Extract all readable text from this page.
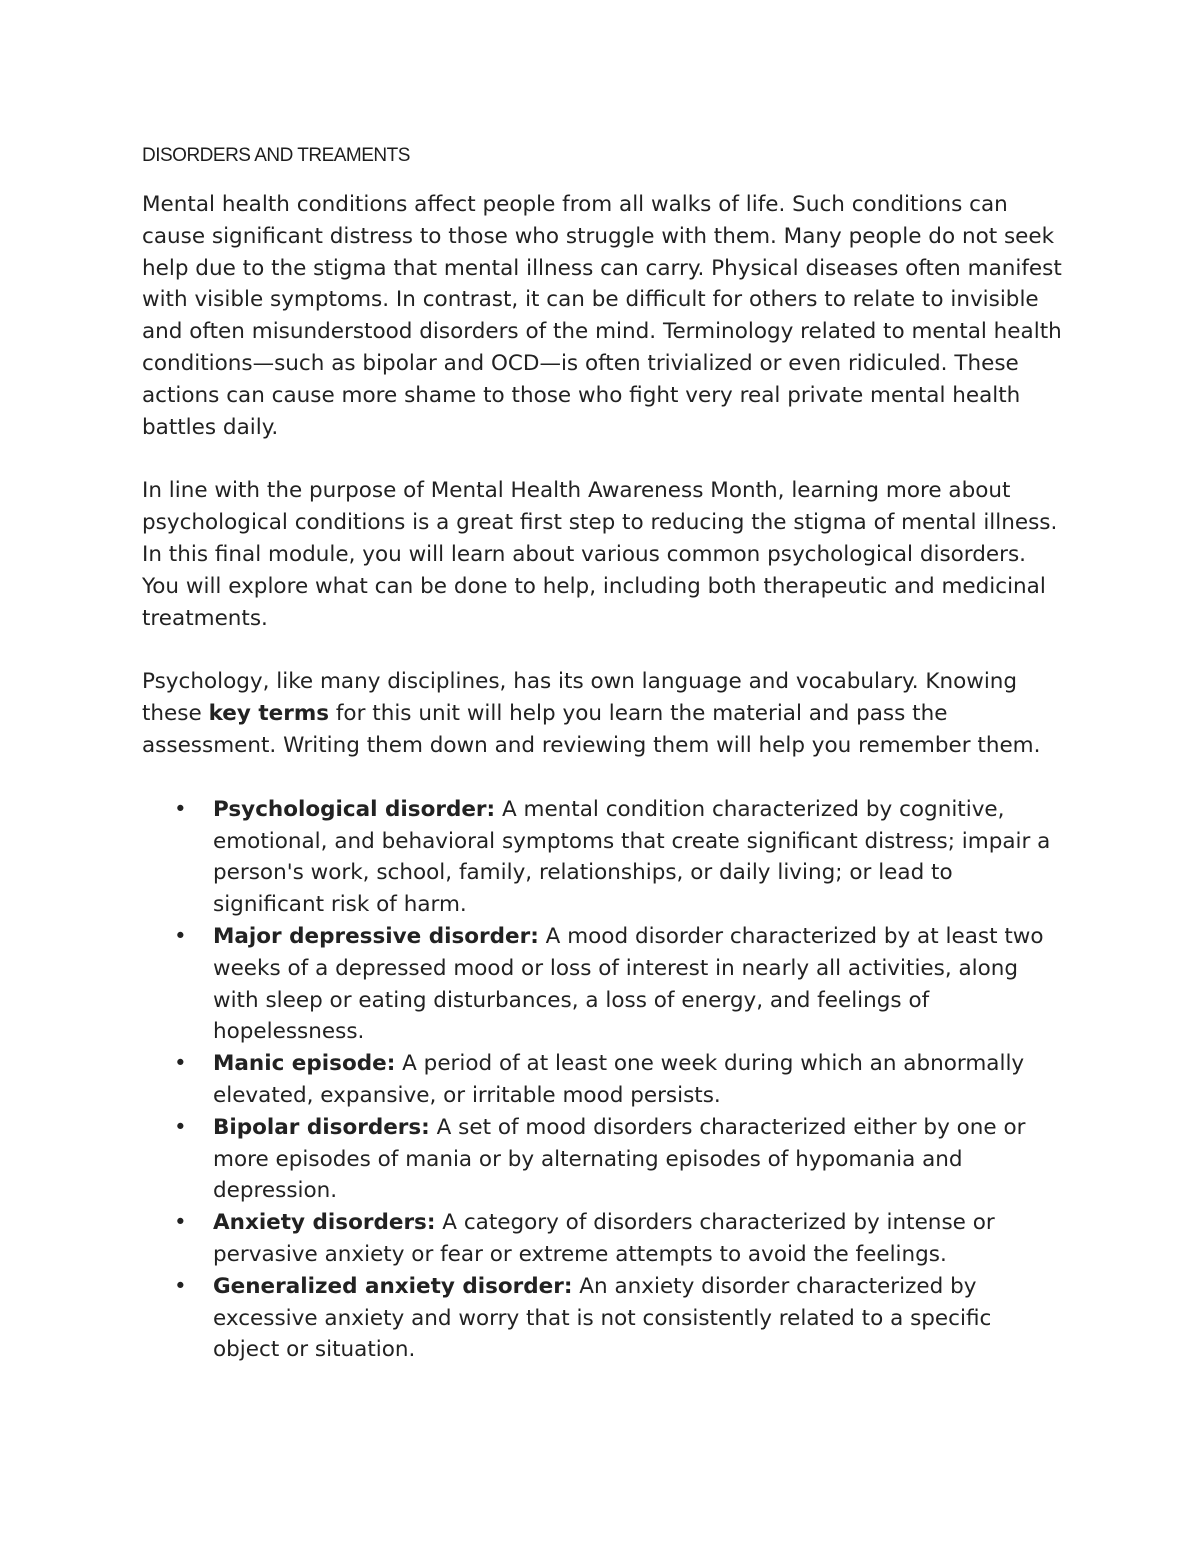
DISORDERS AND TREAMENTS

Mental health conditions affect people from all walks of life. Such conditions can cause significant distress to those who struggle with them. Many people do not seek help due to the stigma that mental illness can carry. Physical diseases often manifest with visible symptoms. In contrast, it can be difficult for others to relate to invisible and often misunderstood disorders of the mind. Terminology related to mental health conditions—such as bipolar and OCD—is often trivialized or even ridiculed. These actions can cause more shame to those who fight very real private mental health battles daily.

In line with the purpose of Mental Health Awareness Month, learning more about psychological conditions is a great first step to reducing the stigma of mental illness. In this final module, you will learn about various common psychological disorders. You will explore what can be done to help, including both therapeutic and medicinal treatments.

Psychology, like many disciplines, has its own language and vocabulary. Knowing these key terms for this unit will help you learn the material and pass the assessment. Writing them down and reviewing them will help you remember them.

• Psychological disorder: A mental condition characterized by cognitive, emotional, and behavioral symptoms that create significant distress; impair a person's work, school, family, relationships, or daily living; or lead to significant risk of harm.
• Major depressive disorder: A mood disorder characterized by at least two weeks of a depressed mood or loss of interest in nearly all activities, along with sleep or eating disturbances, a loss of energy, and feelings of hopelessness.
• Manic episode: A period of at least one week during which an abnormally elevated, expansive, or irritable mood persists.
• Bipolar disorders: A set of mood disorders characterized either by one or more episodes of mania or by alternating episodes of hypomania and depression.
• Anxiety disorders: A category of disorders characterized by intense or pervasive anxiety or fear or extreme attempts to avoid the feelings.
• Generalized anxiety disorder: An anxiety disorder characterized by excessive anxiety and worry that is not consistently related to a specific object or situation.
